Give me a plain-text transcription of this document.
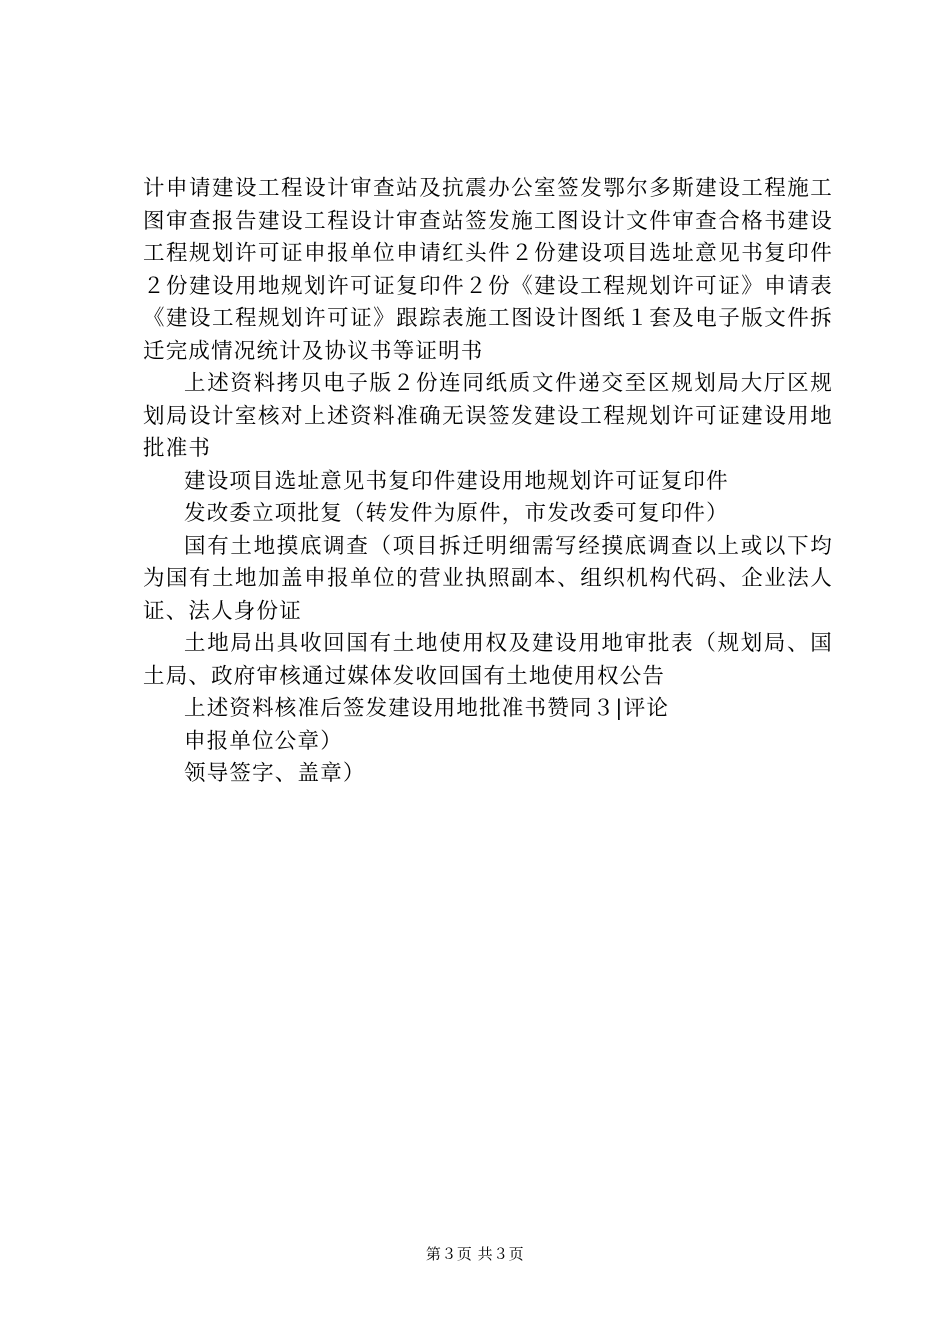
计申请建设工程设计审查站及抗震办公室签发鄂尔多斯建设工程施工图审查报告建设工程设计审查站签发施工图设计文件审查合格书建设工程规划许可证申报单位申请红头件２份建设项目选址意见书复印件２份建设用地规划许可证复印件２份《建设工程规划许可证》申请表《建设工程规划许可证》跟踪表施工图设计图纸１套及电子版文件拆迁完成情况统计及协议书等证明书

上述资料拷贝电子版２份连同纸质文件递交至区规划局大厅区规划局设计室核对上述资料准确无误签发建设工程规划许可证建设用地批准书

建设项目选址意见书复印件建设用地规划许可证复印件

发改委立项批复（转发件为原件，市发改委可复印件）

国有土地摸底调查（项目拆迁明细需写经摸底调查以上或以下均为国有土地加盖申报单位的营业执照副本、组织机构代码、企业法人证、法人身份证

土地局出具收回国有土地使用权及建设用地审批表（规划局、国土局、政府审核通过媒体发收回国有土地使用权公告

上述资料核准后签发建设用地批准书赞同３|评论

申报单位公章）

领导签字、盖章）

第３页 共３页
